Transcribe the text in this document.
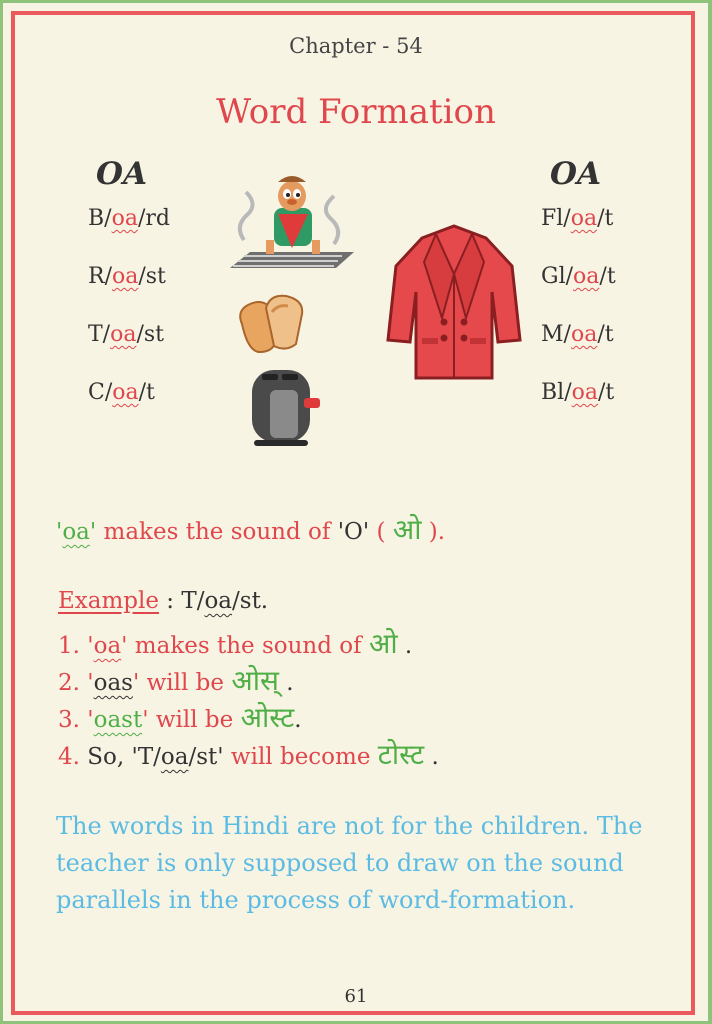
Chapter - 54
Word Formation
OA
B/oa/rd
R/oa/st
T/oa/st
C/oa/t
OA
Fl/oa/t
Gl/oa/t
M/oa/t
Bl/oa/t
'oa' makes the sound of 'O' ( ओ ).
Example : T/oa/st.
1. 'oa' makes the sound of ओ .
2. 'oas' will be ओस् .
3. 'oast' will be ओस्ट.
4. So, 'T/oa/st' will become टोस्ट .
The words in Hindi are not for the children. The teacher is only supposed to draw on the sound parallels in the process of word-formation.
61
